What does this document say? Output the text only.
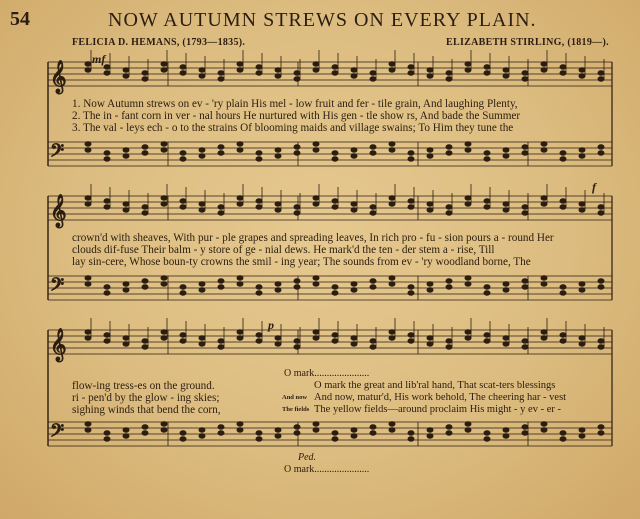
54	NOW AUTUMN STREWS ON EVERY PLAIN.
FELICIA D. HEMANS, (1793—1835).	ELIZABETH STIRLING, (1819—).
𝄞
𝄢
𝄞
𝄢
𝄞
𝄢
mf
f
p
1. Now Autumn strews on ev - 'ry plain His mel - low fruit and fer - tile grain, And laughing Plenty,
2. The in - fant corn in ver - nal hours He nurtured with His gen - tle show rs, And bade the Summer
3. The val - leys ech - o to the strains Of blooming maids and village swains; To Him they tune the
crown'd with sheaves, With pur - ple grapes and spreading leaves, In rich pro - fu - sion pours a - round Her
clouds dif-fuse Their balm - y store of ge - nial dews. He mark'd the ten - der stem a - rise, Till
lay sin-cere, Whose boun-ty crowns the smil - ing year; The sounds from ev - 'ry woodland borne, The
flow-ing tress-es on the ground.
ri - pen'd by the glow - ing skies;
sighing winds that bend the corn,
O mark the great and lib'ral hand, That scat-ters blessings
And now, matur'd, His work behold, The cheering har - vest
The yellow fields—around proclaim His might - y ev - er -
And now
The fields
O mark......................
O mark......................
Ped.
